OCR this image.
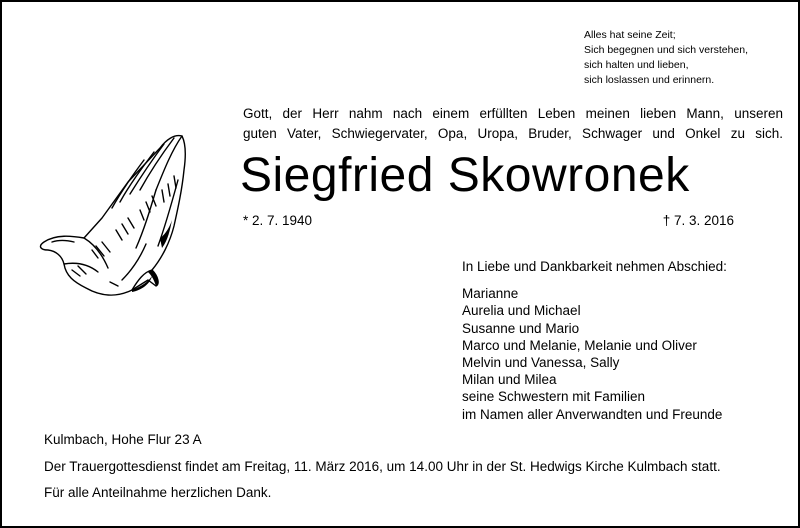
Alles hat seine Zeit;
Sich begegnen und sich verstehen,
sich halten und lieben,
sich loslassen und erinnern.
Gott, der Herr nahm nach einem erfüllten Leben meinen lieben Mann, unseren
guten Vater, Schwiegervater, Opa, Uropa, Bruder, Schwager und Onkel zu sich.
Siegfried Skowronek
* 2. 7. 1940	† 7. 3. 2016
In Liebe und Dankbarkeit nehmen Abschied:
Marianne
Aurelia und Michael
Susanne und Mario
Marco und Melanie, Melanie und Oliver
Melvin und Vanessa, Sally
Milan und Milea
seine Schwestern mit Familien
im Namen aller Anverwandten und Freunde
Kulmbach, Hohe Flur 23 A
Der Trauergottesdienst findet am Freitag, 11. März 2016, um 14.00 Uhr in der St. Hedwigs Kirche Kulmbach statt.
Für alle Anteilnahme herzlichen Dank.
